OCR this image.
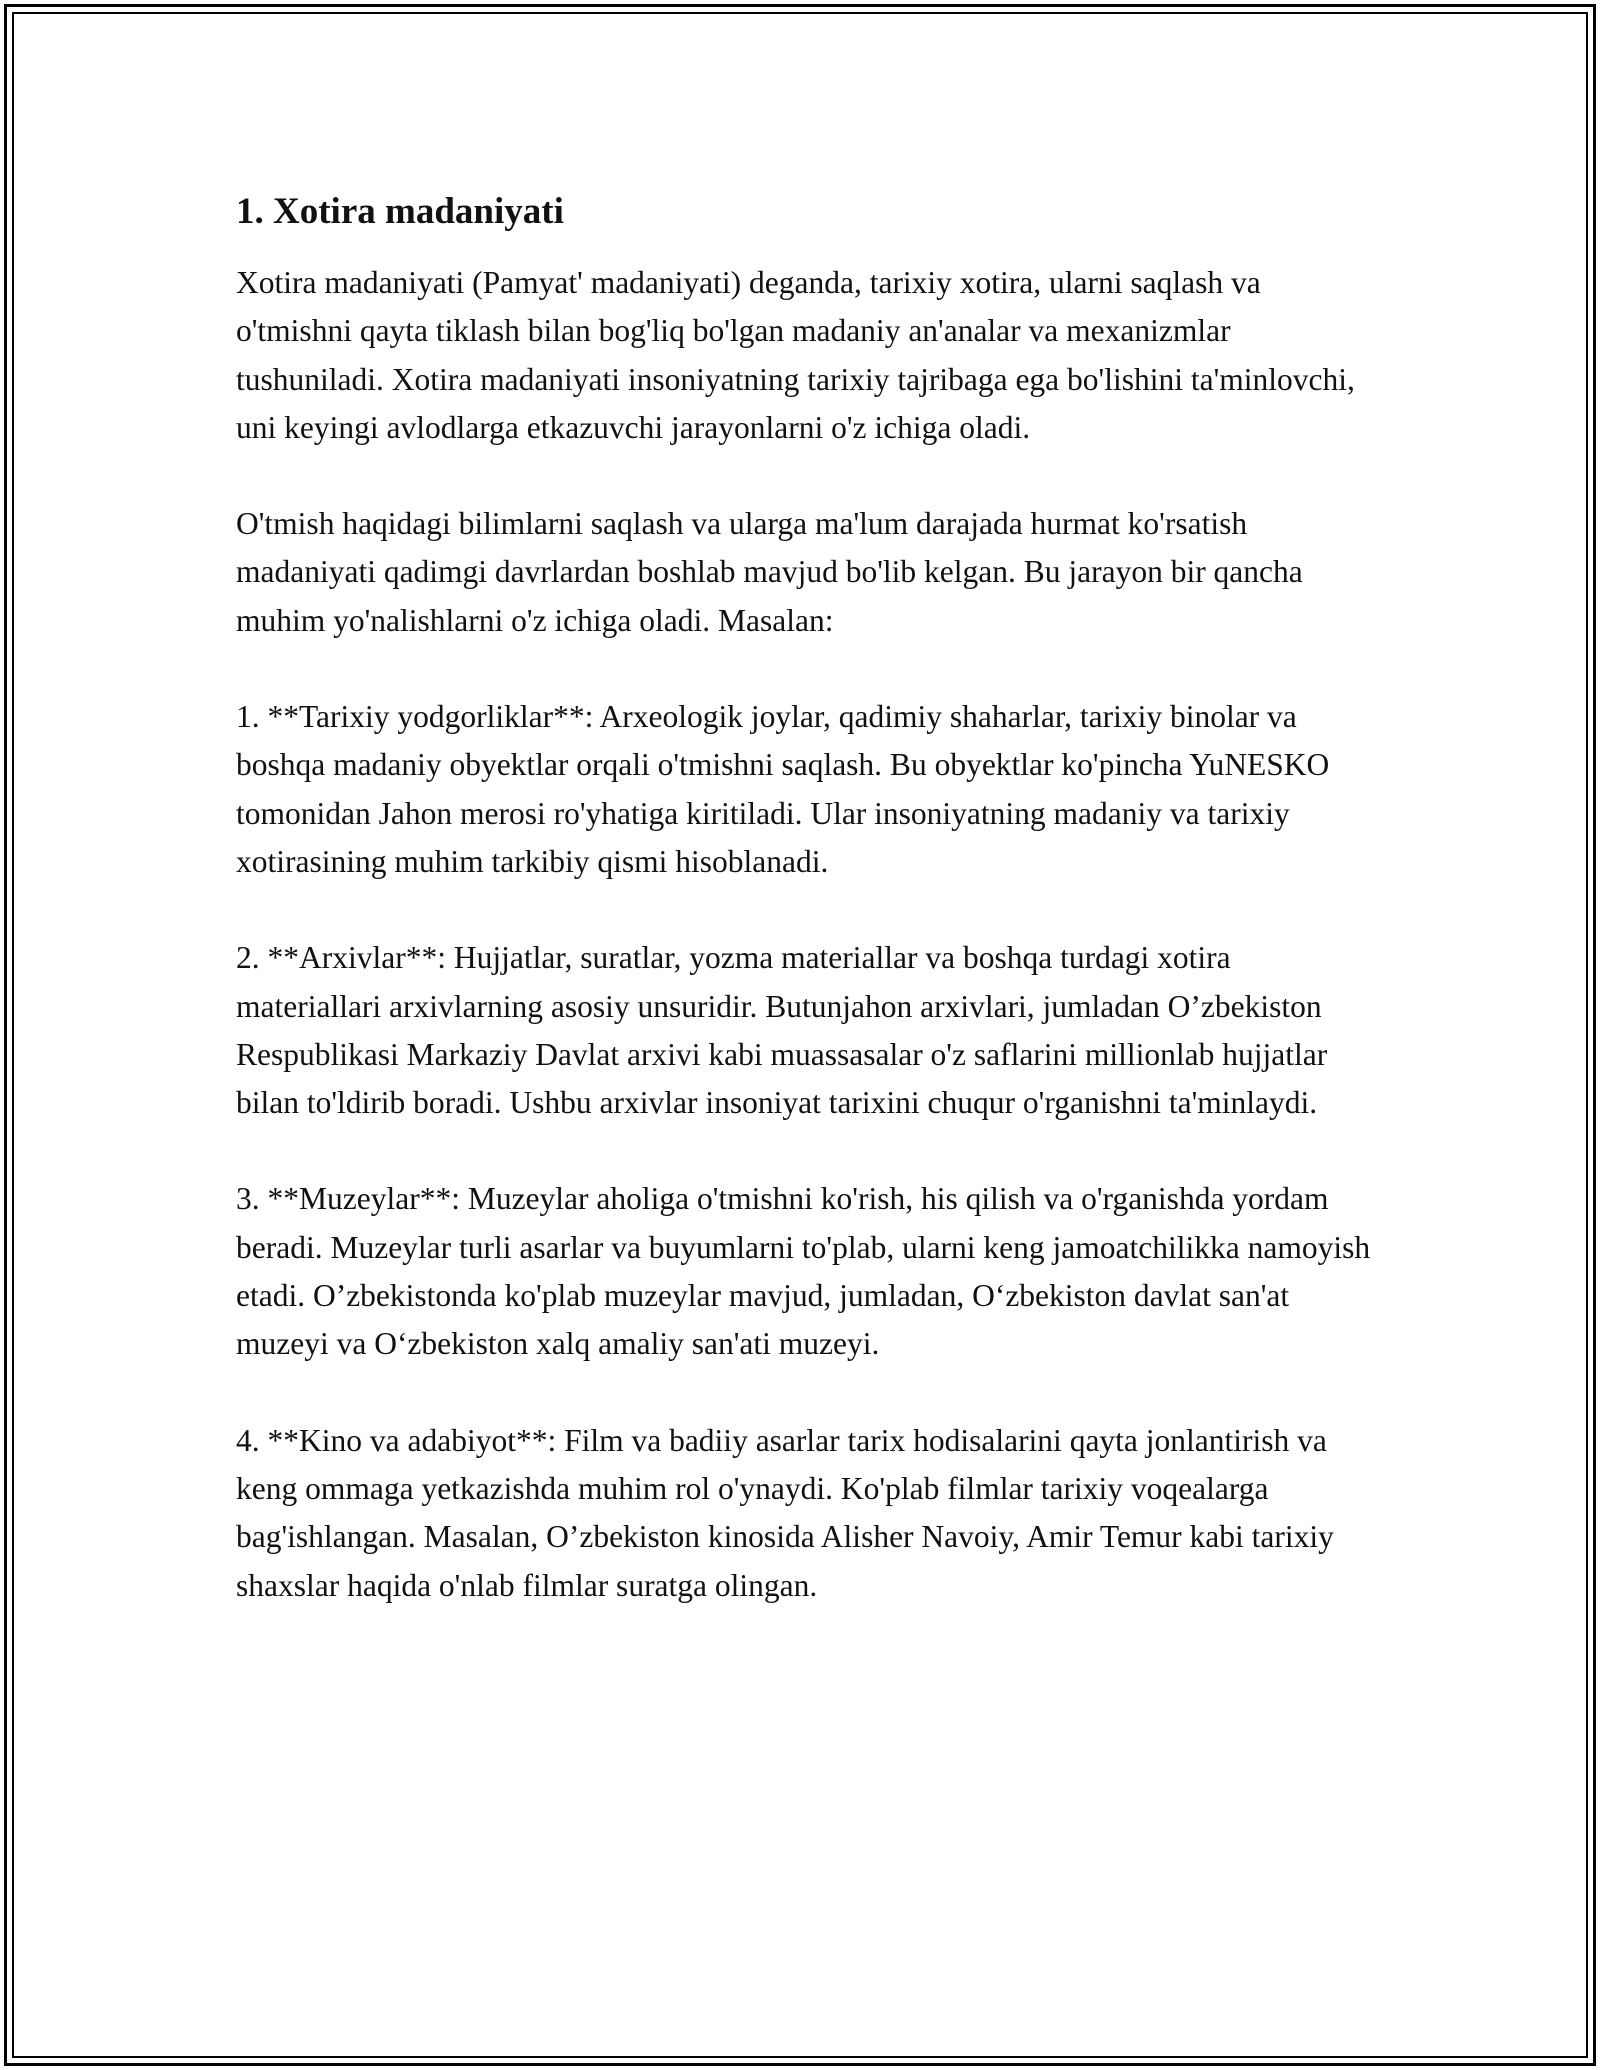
1. Xotira madaniyati

Xotira madaniyati (Pamyat' madaniyati) deganda, tarixiy xotira, ularni saqlash va o'tmishni qayta tiklash bilan bog'liq bo'lgan madaniy an'analar va mexanizmlar tushuniladi. Xotira madaniyati insoniyatning tarixiy tajribaga ega bo'lishini ta'minlovchi, uni keyingi avlodlarga etkazuvchi jarayonlarni o'z ichiga oladi.

O'tmish haqidagi bilimlarni saqlash va ularga ma'lum darajada hurmat ko'rsatish madaniyati qadimgi davrlardan boshlab mavjud bo'lib kelgan. Bu jarayon bir qancha muhim yo'nalishlarni o'z ichiga oladi. Masalan:

1. **Tarixiy yodgorliklar**: Arxeologik joylar, qadimiy shaharlar, tarixiy binolar va boshqa madaniy obyektlar orqali o'tmishni saqlash. Bu obyektlar ko'pincha YuNESKO tomonidan Jahon merosi ro'yhatiga kiritiladi. Ular insoniyatning madaniy va tarixiy xotirasining muhim tarkibiy qismi hisoblanadi.

2. **Arxivlar**: Hujjatlar, suratlar, yozma materiallar va boshqa turdagi xotira materiallari arxivlarning asosiy unsuridir. Butunjahon arxivlari, jumladan O’zbekiston Respublikasi Markaziy Davlat arxivi kabi muassasalar o'z saflarini millionlab hujjatlar bilan to'ldirib boradi. Ushbu arxivlar insoniyat tarixini chuqur o'rganishni ta'minlaydi.

3. **Muzeylar**: Muzeylar aholiga o'tmishni ko'rish, his qilish va o'rganishda yordam beradi. Muzeylar turli asarlar va buyumlarni to'plab, ularni keng jamoatchilikka namoyish etadi. O’zbekistonda ko'plab muzeylar mavjud, jumladan, O‘zbekiston davlat san'at muzeyi va O‘zbekiston xalq amaliy san'ati muzeyi.

4. **Kino va adabiyot**: Film va badiiy asarlar tarix hodisalarini qayta jonlantirish va keng ommaga yetkazishda muhim rol o'ynaydi. Ko'plab filmlar tarixiy voqealarga bag'ishlangan. Masalan, O’zbekiston kinosida Alisher Navoiy, Amir Temur kabi tarixiy shaxslar haqida o'nlab filmlar suratga olingan.
